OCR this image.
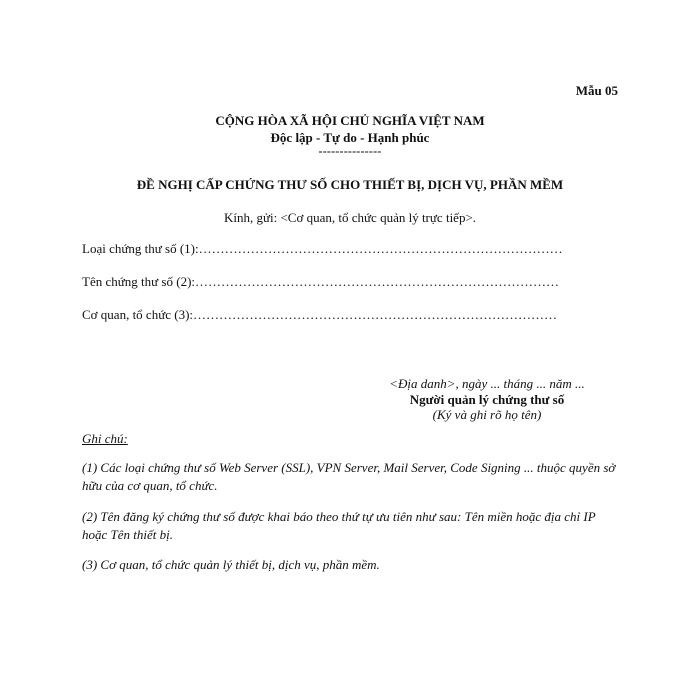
Mẫu 05
CỘNG HÒA XÃ HỘI CHỦ NGHĨA VIỆT NAM
Độc lập - Tự do - Hạnh phúc
---------------
ĐỀ NGHỊ CẤP CHỨNG THƯ SỐ CHO THIẾT BỊ, DỊCH VỤ, PHẦN MỀM
Kính, gửi: <Cơ quan, tổ chức quản lý trực tiếp>.
Loại chứng thư số (1):…………………………………………………………………………
Tên chứng thư số (2):…………………………………………………………………………
Cơ quan, tổ chức (3):…………………………………………………………………………
<Địa danh>, ngày ... tháng ... năm ...
Người quản lý chứng thư số
(Ký và ghi rõ họ tên)
Ghi chú:
(1) Các loại chứng thư số Web Server (SSL), VPN Server, Mail Server, Code Signing ... thuộc quyền sở hữu của cơ quan, tổ chức.
(2) Tên đăng ký chứng thư số được khai báo theo thứ tự ưu tiên như sau: Tên miền hoặc địa chỉ IP hoặc Tên thiết bị.
(3) Cơ quan, tổ chức quản lý thiết bị, dịch vụ, phần mềm.
